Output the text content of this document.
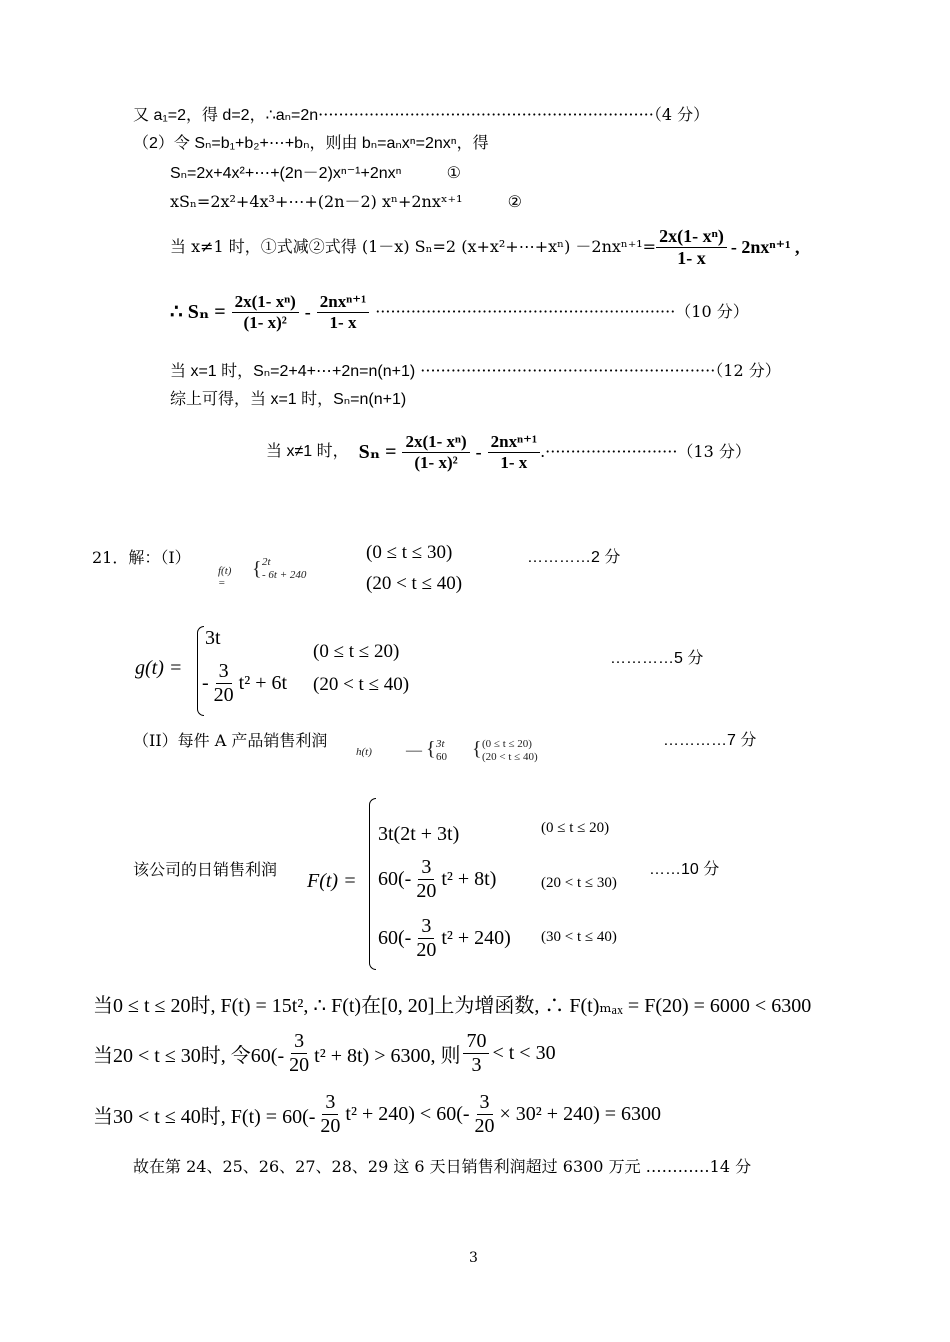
又 a₁=2，得 d=2，∴aₙ=2n··································································（4 分）
（2）令 Sₙ=b₁+b₂+⋯+bₙ，则由 bₙ=aₙxⁿ=2nxⁿ，得
Sₙ=2x+4x²+⋯+(2n－2)xⁿ⁻¹+2nxⁿ	①
xSₙ=2x²+4x³+⋯+(2n－2) xⁿ+2nxˣ⁺¹	②
当 x≠1 时，①式减②式得 (1－x) Sₙ=2 (x+x²+⋯+xⁿ) $-2nx^{n+1}= \frac{\text{2x(1- xⁿ)}}{1- x} - 2nx^{n+1}$ ,
∴ $S_n = \frac{\text{2x(1- xⁿ)}}{\text{(1- x)²}} - \frac{\text{2nxⁿ⁺¹}}{1- x}$ ··························································· （10 分）
当 x=1 时，Sₙ=2+4+⋯+2n=n(n+1) ··························································（12 分）
综上可得，当 x=1 时，Sₙ=n(n+1)
当 x≠1 时， $S_n = \frac{\text{2x(1- xⁿ)}}{\text{(1- x)²}} - \frac{\text{2nxⁿ⁺¹}}{1- x}$ .·························· （13 分）
21．解：（I）
f(t) =
{ 2t
- 6t + 240
(0 ≤ t ≤ 30)
(20 < t ≤ 40)
…………2 分
g(t) =
3t
- $\frac{3}{20} t^2 + 6t$
(0 ≤ t ≤ 20)
(20 < t ≤ 40)
…………5 分
（II）每件 A 产品销售利润
h(t) — { 3t
60 { (0 ≤ t ≤ 20)
(20 < t ≤ 40)
…………7 分
该公司的日销售利润
F(t) =
3t(2t + 3t)
$60(- \frac{3}{20} t^2 + 8t)$
$60(- \frac{3}{20} t^2 + 240)$
(0 ≤ t ≤ 20)
(20 < t ≤ 30)
(30 < t ≤ 40)
……10 分
当0 ≤ t ≤ 20时, F(t) = 15t², ∴ F(t)在[0, 20]上为增函数, ∴ F(t)ₘₐₓ = F(20) = 6000 < 6300
当20 < t ≤ 30时, 令$60(- \frac{3}{20} t^2 + 8t) > 6300$, 则 $\frac{70}{3} < t < 30$
当30 < t ≤ 40时, $F(t) = 60(- \frac{3}{20} t^2 + 240) < 60(- \frac{3}{20} \times 30^2 + 240) = 6300$
故在第 24、25、26、27、28、29 这 6 天日销售利润超过 6300 万元 …………14 分
3
